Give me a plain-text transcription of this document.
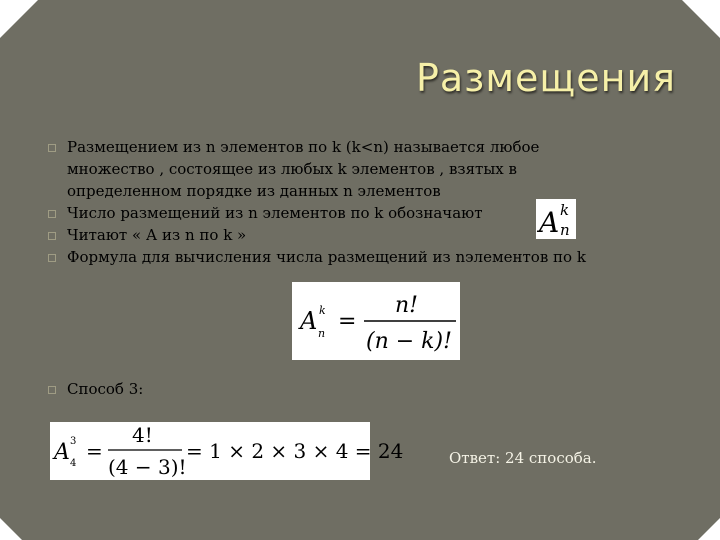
Размещения
Размещением из n элементов по k (k<n) называется любое
множество , состоящее из любых k элементов , взятых в
определенном порядке из данных n элементов
Число размещений из n элементов по k обозначают
Читают « А из n по k »
Формула для вычисления числа размещений из nэлементов по k
A k
n
A k
n =
n!
(n − k)!
Способ 3:
A 3
4
=
4!
(4 − 3)!
= 1 × 2 × 3 × 4 = 24	Ответ: 24 способа.
